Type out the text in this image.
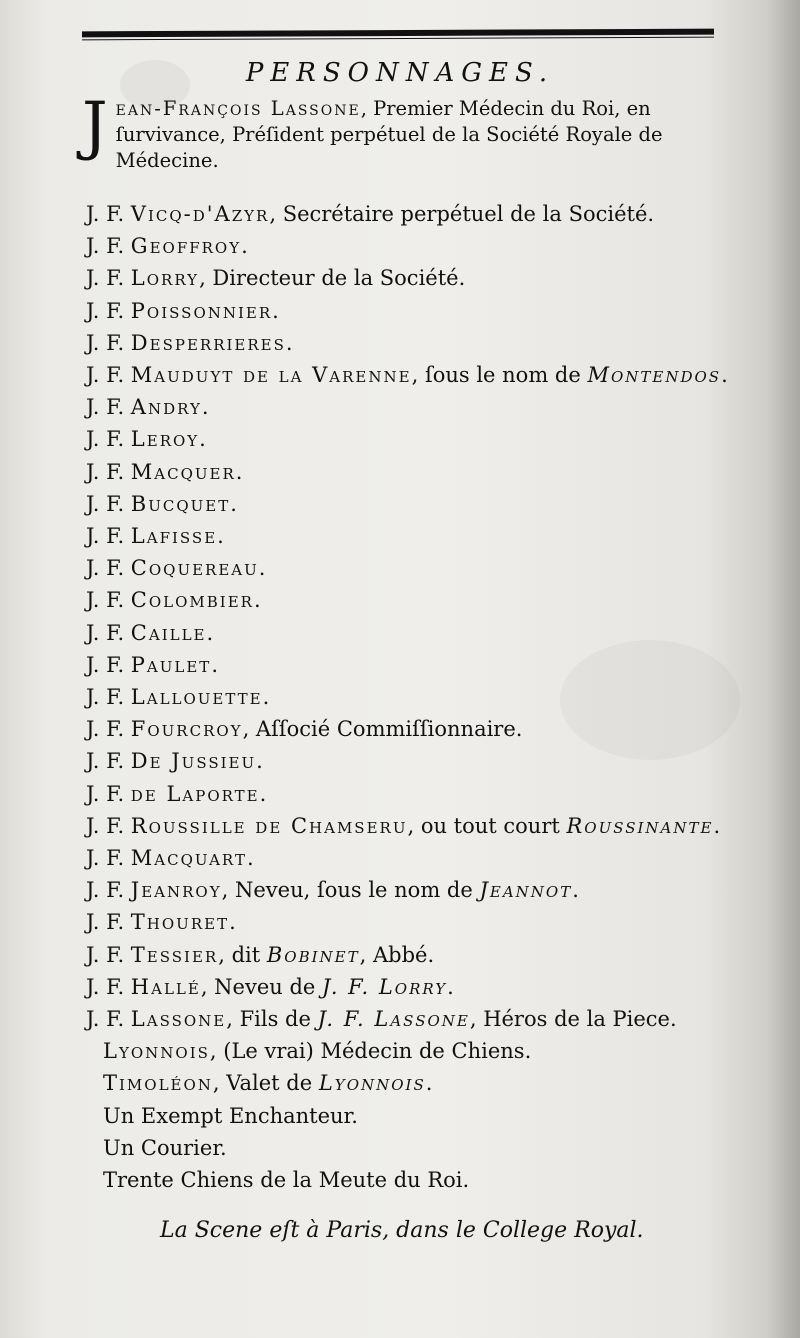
PERSONNAGES.
Jean-François Lassone, Premier Médecin du Roi, en ſurvivance, Préſident perpétuel de la Société Royale de Médecine.
J. F. Vicq-d'Azyr, Secrétaire perpétuel de la Société.
J. F. Geoffroy.
J. F. Lorry, Directeur de la Société.
J. F. Poissonnier.
J. F. Desperrieres.
J. F. Mauduyt de la Varenne, ſous le nom de Montendos.
J. F. Andry.
J. F. Leroy.
J. F. Macquer.
J. F. Bucquet.
J. F. Lafisse.
J. F. Coquereau.
J. F. Colombier.
J. F. Caille.
J. F. Paulet.
J. F. Lallouette.
J. F. Fourcroy, Aſſocié Commiſſionnaire.
J. F. De Jussieu.
J. F. de Laporte.
J. F. Roussille de Chamseru, ou tout court Roussinante.
J. F. Macquart.
J. F. Jeanroy, Neveu, ſous le nom de Jeannot.
J. F. Thouret.
J. F. Tessier, dit Bobinet, Abbé.
J. F. Hallé, Neveu de J. F. Lorry.
J. F. Lassone, Fils de J. F. Lassone, Héros de la Piece.
Lyonnois, (Le vrai) Médecin de Chiens.
Timoléon, Valet de Lyonnois.
Un Exempt Enchanteur.
Un Courier.
Trente Chiens de la Meute du Roi.
La Scene eſt à Paris, dans le College Royal.
